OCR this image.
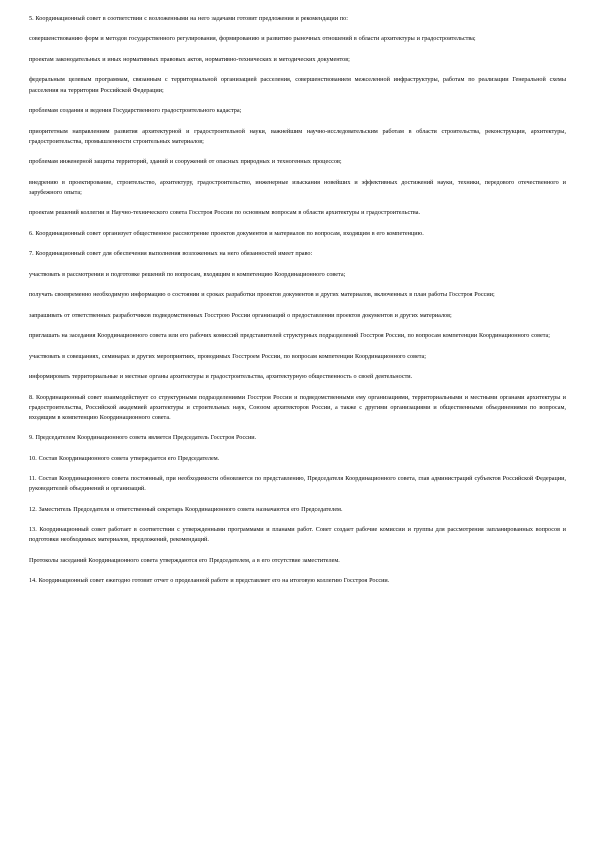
5. Координационный совет в соответствии с возложенными на него задачами готовит предложения и рекомендации по:

совершенствованию форм и методов государственного регулирования, формированию и развитию рыночных отношений в области архитектуры и градостроительства;

проектам законодательных и иных нормативных правовых актов, нормативно-технических и методических документов;

федеральным целевым программам, связанным с территориальной организацией расселения, совершенствованием межселенной инфраструктуры, работам по реализации Генеральной схемы расселения на территории Российской Федерации;

проблемам создания и ведения Государственного градостроительного кадастра;

приоритетным направлениям развития архитектурной и градостроительной науки, важнейшим научно-исследовательским работам в области строительства, реконструкции, архитектуры, градостроительства, промышленности строительных материалов;

проблемам инженерной защиты территорий, зданий и сооружений от опасных природных и техногенных процессов;

внедрению в проектирование, строительство, архитектуру, градостроительство, инженерные изыскания новейших и эффективных достижений науки, техники, передового отечественного и зарубежного опыта;

проектам решений коллегии и Научно-технического совета Госстроя России по основным вопросам в области архитектуры и градостроительства.

6. Координационный совет организует общественное рассмотрение проектов документов и материалов по вопросам, входящим в его компетенцию.

7. Координационный совет для обеспечения выполнения возложенных на него обязанностей имеет право:

участвовать в рассмотрении и подготовке решений по вопросам, входящим в компетенцию Координационного совета;

получать своевременно необходимую информацию о состоянии и сроках разработки проектов документов и других материалов, включенных в план работы Госстроя России;

запрашивать от ответственных разработчиков подведомственных Госстрою России организаций о предоставлении проектов документов и других материалов;

приглашать на заседания Координационного совета или его рабочих комиссий представителей структурных подразделений Госстроя России, по вопросам компетенции Координационного совета;

участвовать в совещаниях, семинарах и других мероприятиях, проводимых Госстроем России, по вопросам компетенции Координационного совета;

информировать территориальные и местные органы архитектуры и градостроительства, архитектурную общественность о своей деятельности.

8. Координационный совет взаимодействует со структурными подразделениями Госстроя России и подведомственными ему организациями, территориальными и местными органами архитектуры и градостроительства, Российской академией архитектуры и строительных наук, Союзом архитекторов России, а также с другими организациями и общественными объединениями по вопросам, входящим в компетенцию Координационного совета.

9. Председателем Координационного совета является Председатель Госстроя России.

10. Состав Координационного совета утверждается его Председателем.

11. Состав Координационного совета постоянный, при необходимости обновляется по представлению, Председателя Координационного совета, глав администраций субъектов Российской Федерации, руководителей объединений и организаций.

12. Заместитель Председателя и ответственный секретарь Координационного совета назначаются его Председателем.

13. Координационный совет работает в соответствии с утвержденными программами и планами работ. Совет создает рабочие комиссии и группы для рассмотрения запланированных вопросов и подготовки необходимых материалов, предложений, рекомендаций.

Протоколы заседаний Координационного совета утверждаются его Председателем, а в его отсутствие заместителем.

14. Координационный совет ежегодно готовит отчет о проделанной работе и представляет его на итоговую коллегию Госстроя России.
